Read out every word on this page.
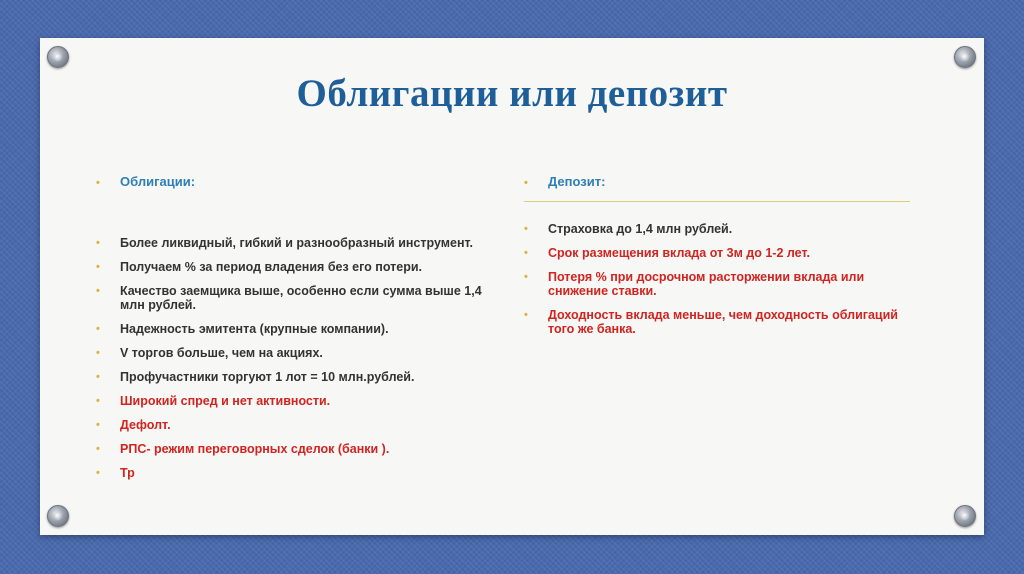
Облигации или депозит
•	Облигации:
•	Более ликвидный, гибкий и разнообразный инструмент.
•	Получаем % за период владения без его потери.
•	Качество заемщика выше, особенно если сумма выше 1,4 млн рублей.
•	Надежность эмитента (крупные компании).
•	V торгов больше, чем на акциях.
•	Профучастники торгуют 1 лот = 10 млн.рублей.
•	Широкий спред и нет активности.
•	Дефолт.
•	РПС- режим переговорных сделок (банки ).
•	Тр
•	Депозит:
•	Страховка до 1,4 млн рублей.
•	Срок размещения вклада от 3м до 1-2 лет.
•	Потеря % при досрочном расторжении вклада или снижение ставки.
•	Доходность вклада меньше, чем доходность облигаций того же банка.
